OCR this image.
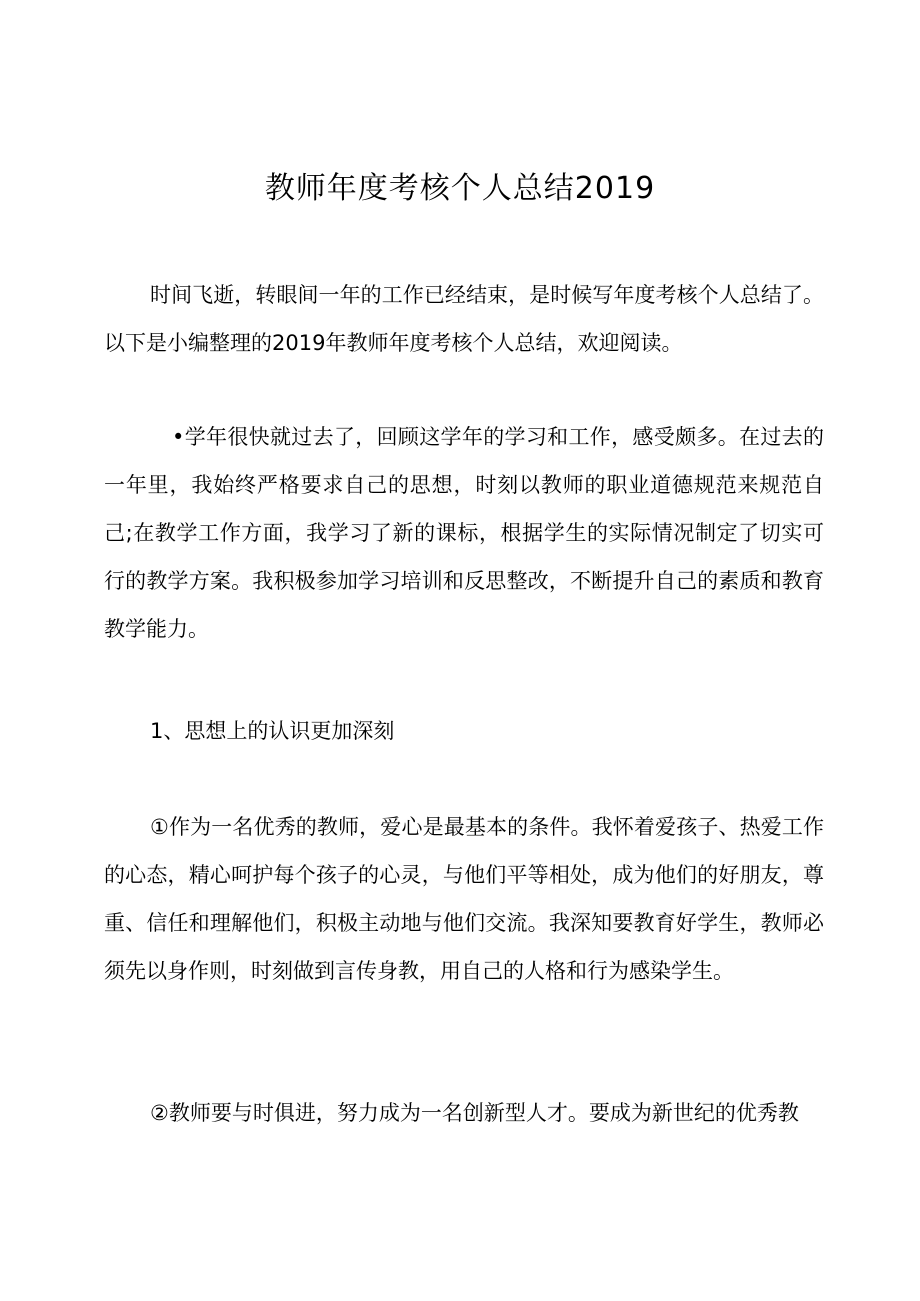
教师年度考核个人总结2019

时间飞逝，转眼间一年的工作已经结束，是时候写年度考核个人总结了。以下是小编整理的2019年教师年度考核个人总结，欢迎阅读。

•学年很快就过去了，回顾这学年的学习和工作，感受颇多。在过去的一年里，我始终严格要求自己的思想，时刻以教师的职业道德规范来规范自己;在教学工作方面，我学习了新的课标，根据学生的实际情况制定了切实可行的教学方案。我积极参加学习培训和反思整改，不断提升自己的素质和教育教学能力。

1、思想上的认识更加深刻

①作为一名优秀的教师，爱心是最基本的条件。我怀着爱孩子、热爱工作的心态，精心呵护每个孩子的心灵，与他们平等相处，成为他们的好朋友，尊重、信任和理解他们，积极主动地与他们交流。我深知要教育好学生，教师必须先以身作则，时刻做到言传身教，用自己的人格和行为感染学生。

②教师要与时俱进，努力成为一名创新型人才。要成为新世纪的优秀教
